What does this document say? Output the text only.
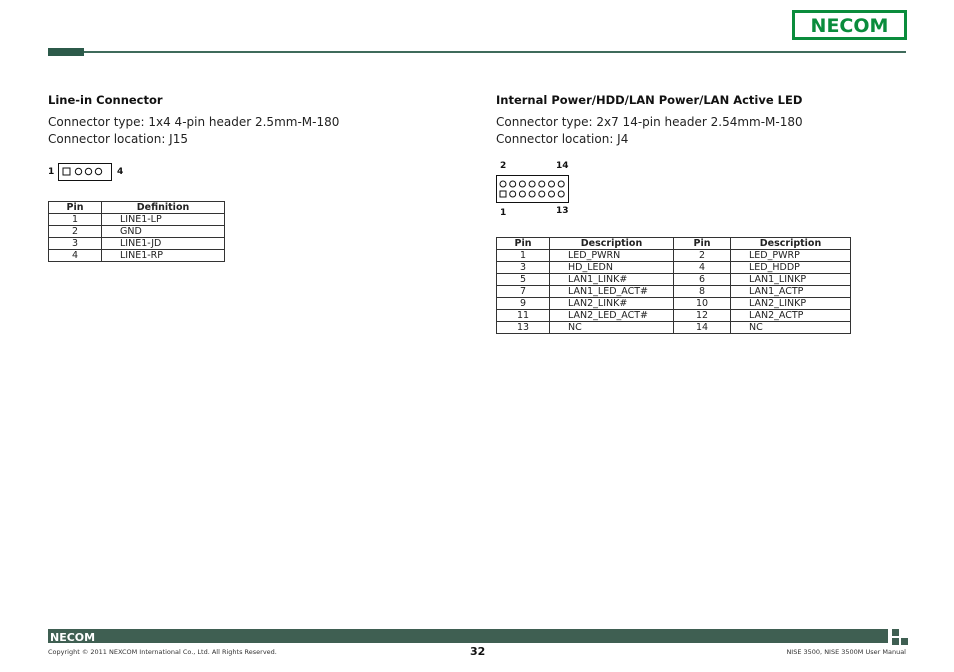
NECOM
Line-in Connector
Connector type: 1x4 4-pin header 2.5mm-M-180
Connector location: J15
1	4
Pin	Definition
1	LINE1-LP
2	GND
3	LINE1-JD
4	LINE1-RP
Internal Power/HDD/LAN Power/LAN Active LED
Connector type: 2x7 14-pin header 2.54mm-M-180
Connector location: J4
2	14
1	13
Pin	Description	Pin	Description
1	LED_PWRN	2	LED_PWRP
3	HD_LEDN	4	LED_HDDP
5	LAN1_LINK#	6	LAN1_LINKP
7	LAN1_LED_ACT#	8	LAN1_ACTP
9	LAN2_LINK#	10	LAN2_LINKP
11	LAN2_LED_ACT#	12	LAN2_ACTP
13	NC	14	NC
NECOM
Copyright © 2011 NEXCOM International Co., Ltd. All Rights Reserved.	32	NISE 3500, NISE 3500M User Manual
